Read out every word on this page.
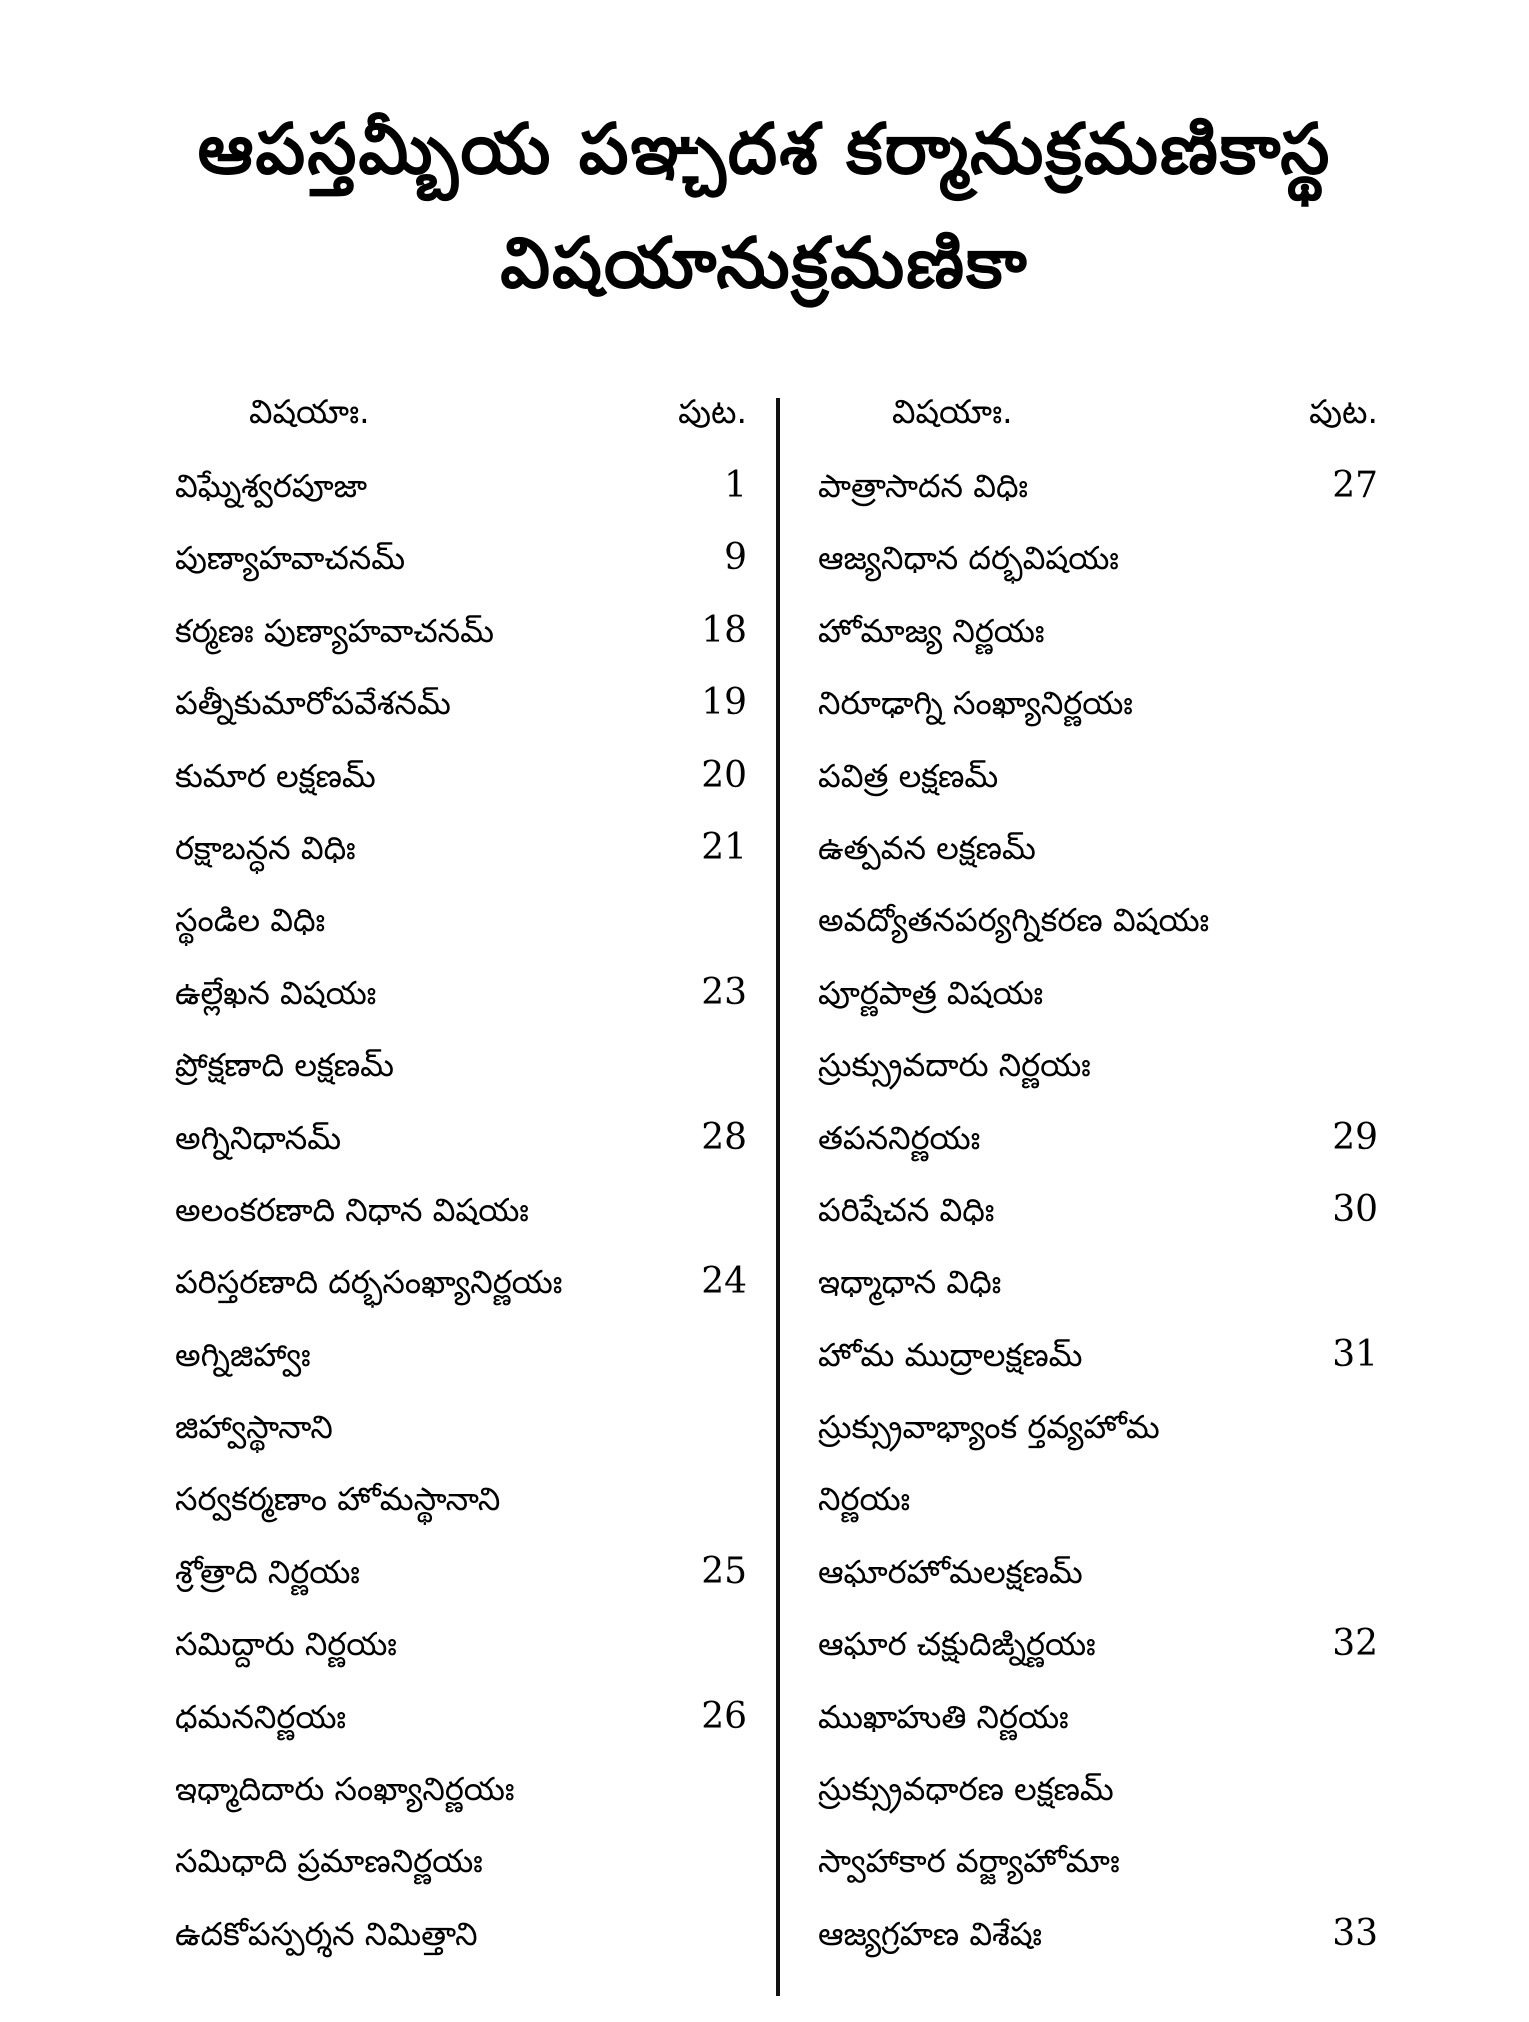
ఆపస్తమ్బీయ పఞ్చదశ కర్మానుక్రమణికాస్థ
విషయానుక్రమణికా
విషయాః.	పుట.
విఘ్నేశ్వరపూజా	1
పుణ్యాహవాచనమ్	9
కర్మణః పుణ్యాహవాచనమ్	18
పత్నీకుమారోపవేశనమ్	19
కుమార లక్షణమ్	20
రక్షాబన్ధన విధిః	21
స్థండిల విధిః
ఉల్లేఖన విషయః	23
ప్రోక్షణాది లక్షణమ్
అగ్నినిధానమ్	28
అలంకరణాది నిధాన విషయః
పరిస్తరణాది దర్భసంఖ్యానిర్ణయః	24
అగ్నిజిహ్వాః
జిహ్వాస్థానాని
సర్వకర్మణాం హోమస్థానాని
శ్రోత్రాది నిర్ణయః	25
సమిద్దారు నిర్ణయః
ధమననిర్ణయః	26
ఇధ్మాదిదారు సంఖ్యానిర్ణయః
సమిధాది ప్రమాణనిర్ణయః
ఉదకోపస్పర్శన నిమిత్తాని
విషయాః.	పుట.
పాత్రాసాదన విధిః	27
ఆజ్యనిధాన దర్భవిషయః
హోమాజ్య నిర్ణయః
నిరూఢాగ్ని సంఖ్యానిర్ణయః
పవిత్ర లక్షణమ్
ఉత్పవన లక్షణమ్
అవద్యోతనపర్యగ్నికరణ విషయః
పూర్ణపాత్ర విషయః
స్రుక్స్రువదారు నిర్ణయః
తపననిర్ణయః	29
పరిషేచన విధిః	30
ఇధ్మాధాన విధిః
హోమ ముద్రాలక్షణమ్	31
స్రుక్స్రువాభ్యాంక ర్తవ్యహోమ
నిర్ణయః
ఆఘారహోమలక్షణమ్
ఆఘార చక్షుదిఙ్నిర్ణయః	32
ముఖాహుతి నిర్ణయః
స్రుక్స్రువధారణ లక్షణమ్
స్వాహాకార వర్జ్యాహోమాః
ఆజ్యగ్రహణ విశేషః	33
